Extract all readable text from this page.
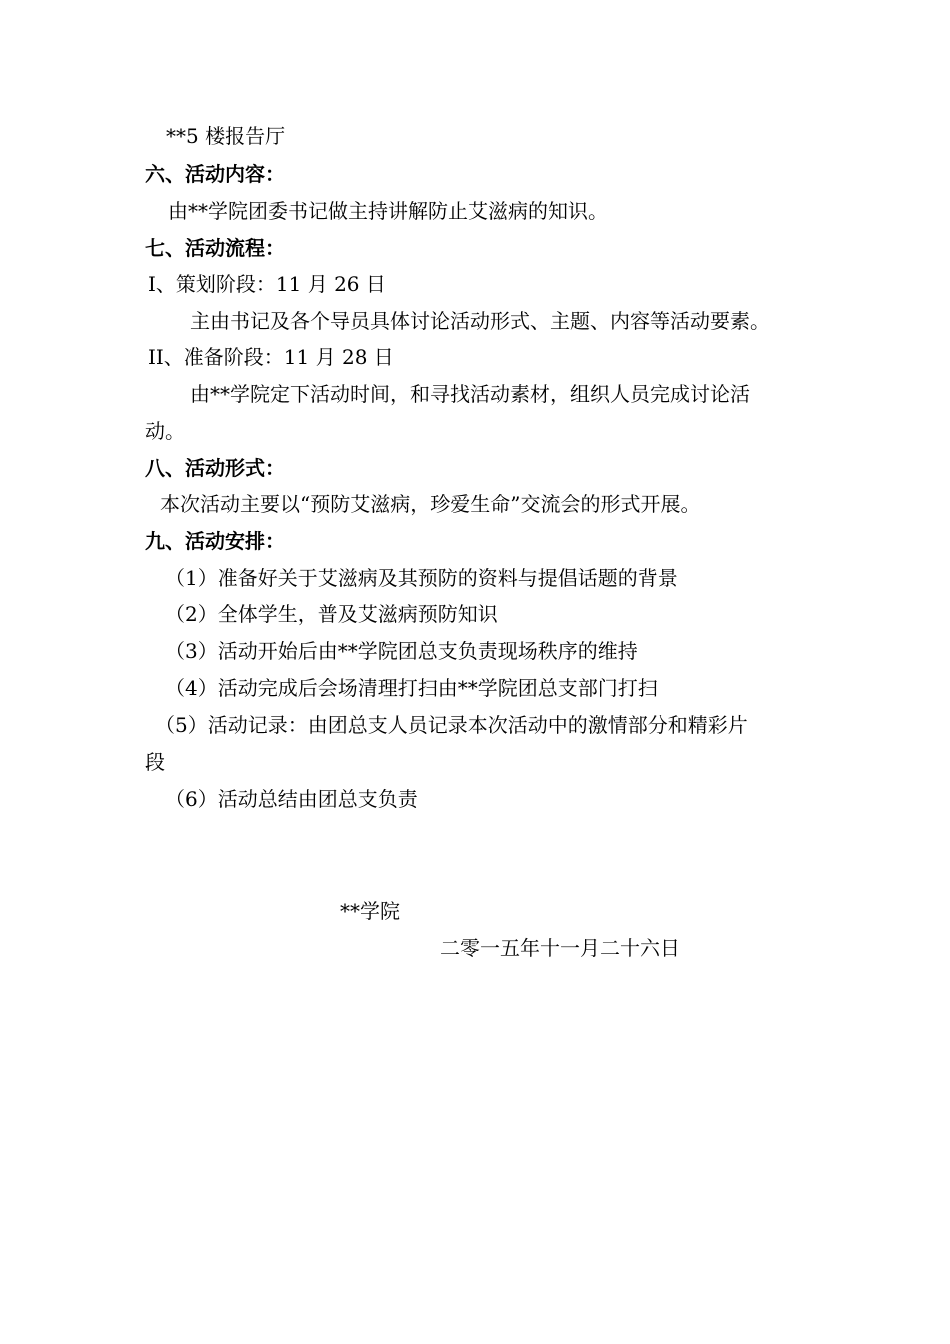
**5 楼报告厅
六、活动内容：
由**学院团委书记做主持讲解防止艾滋病的知识。
七、活动流程：
I、策划阶段：11 月 26 日
主由书记及各个导员具体讨论活动形式、主题、内容等活动要素。
II、准备阶段：11 月 28 日
由**学院定下活动时间，和寻找活动素材，组织人员完成讨论活
动。
八、活动形式：
本次活动主要以“预防艾滋病，珍爱生命”交流会的形式开展。
九、活动安排：
（1）准备好关于艾滋病及其预防的资料与提倡话题的背景
（2）全体学生，普及艾滋病预防知识
（3）活动开始后由**学院团总支负责现场秩序的维持
（4）活动完成后会场清理打扫由**学院团总支部门打扫
（5）活动记录：由团总支人员记录本次活动中的激情部分和精彩片
段
（6）活动总结由团总支负责
**学院
二零一五年十一月二十六日
